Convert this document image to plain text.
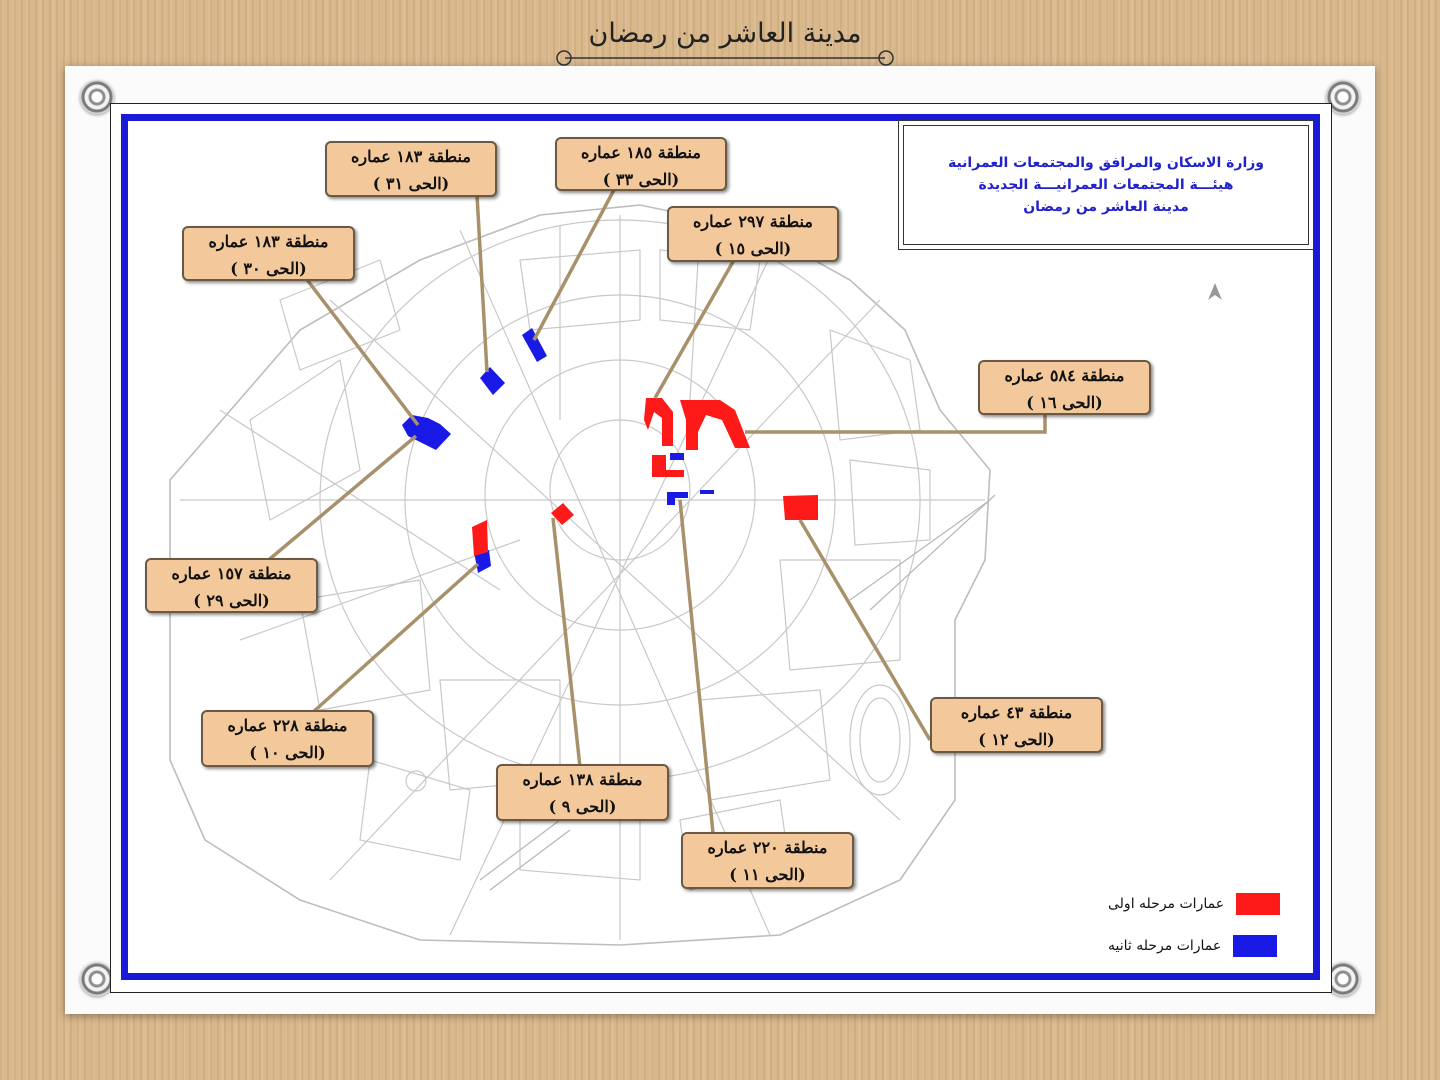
مدينة العاشر من رمضان
وزارة الاسكان والمرافق والمجتمعات العمرانية
هيئـــة المجتمعات العمرانيـــة الجديدة
مدينة العاشر من رمضان
منطقة ١٨٥ عماره
(الحى ٣٣ )
منطقة ١٨٣ عماره
(الحى ٣١ )
منطقة ١٨٣ عماره
(الحى ٣٠ )
منطقة ٢٩٧ عماره
(الحى ١٥ )
منطقة ٥٨٤ عماره
(الحى ١٦ )
منطقة ١٥٧ عماره
(الحى ٢٩ )
منطقة ٢٢٨ عماره
(الحى ١٠ )
منطقة ١٣٨ عماره
(الحى ٩ )
منطقة ٢٢٠ عماره
(الحى ١١ )
منطقة ٤٣ عماره
(الحى ١٢ )
عمارات مرحله اولى
عمارات مرحله ثانيه
